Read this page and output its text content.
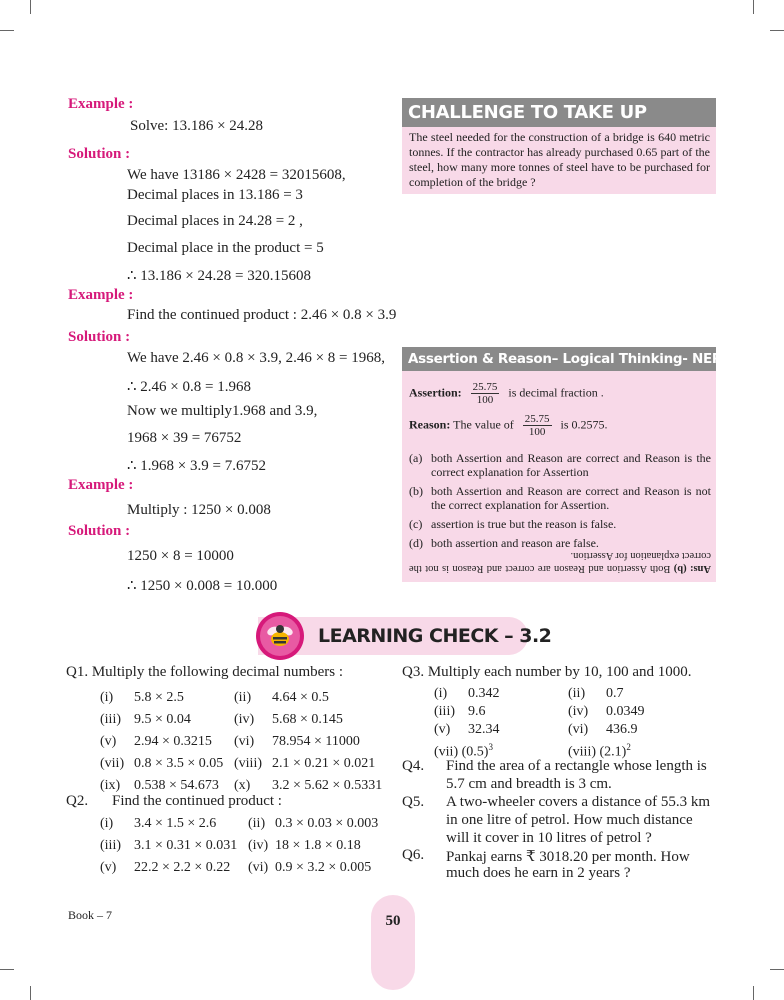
Example :
Solve: 13.186 × 24.28
Solution :
We have 13186 × 2428 = 32015608,
Decimal places in 13.186 = 3
Decimal places in 24.28 = 2 ,
Decimal place in the product = 5
∴ 13.186 × 24.28 = 320.15608
Example :
Find the continued product : 2.46 × 0.8 × 3.9
Solution :
We have 2.46 × 0.8 × 3.9, 2.46 × 8 = 1968,
∴ 2.46 × 0.8 = 1.968
Now we multiply1.968 and 3.9,
1968 × 39 = 76752
∴ 1.968 × 3.9 = 7.6752
Example :
Multiply : 1250 × 0.008
Solution :
1250 × 8 = 10000
∴ 1250 × 0.008 = 10.000
CHALLENGE TO TAKE UP
The steel needed for the construction of a bridge is 640 metric tonnes. If the contractor has already purchased 0.65 part of the steel, how many more tonnes of steel have to be purchased for completion of the bridge ?
Assertion & Reason– Logical Thinking- NEP 2020
Assertion: $\frac{25.75}{100}$ is decimal fraction .
Reason: The value of $\frac{25.75}{100}$ is 0.2575.
(a) both Assertion and Reason are correct and Reason is the correct explanation for Assertion
(b) both Assertion and Reason are correct and Reason is not the correct explanation for Assertion.
(c) assertion is true but the reason is false.
(d) both assertion and reason are false.
Ans: (b) Both Assertion and Reason are correct and Reason is not the correct explanation for Assertion.
LEARNING CHECK – 3.2
Q1. Multiply the following decimal numbers :
(i) 5.8 × 2.5	(ii) 4.64 × 0.5
(iii) 9.5 × 0.04	(iv) 5.68 × 0.145
(v) 2.94 × 0.3215 (vi) 78.954 × 11000
(vii) 0.8 × 3.5 × 0.05 (viii) 2.1 × 0.21 × 0.021
(ix) 0.538 × 54.673 (x) 3.2 × 5.62 × 0.5331
Q2. Find the continued product :
(i) 3.4 × 1.5 × 2.6 (ii) 0.3 × 0.03 × 0.003
(iii) 3.1 × 0.31 × 0.031 (iv) 18 × 1.8 × 0.18
(v) 22.2 × 2.2 × 0.22 (vi) 0.9 × 3.2 × 0.005
Q3. Multiply each number by 10, 100 and 1000.
(i) 0.342	(ii) 0.7
(iii) 9.6	(iv) 0.0349
(v) 32.34	(vi) 436.9
(vii) $(0.5)^3$	(viii) $(2.1)^2$
Q4. Find the area of a rectangle whose length is
5.7 cm and breadth is 3 cm.
Q5. A two-wheeler covers a distance of 55.3 km
in one litre of petrol. How much distance
will it cover in 10 litres of petrol ?
Q6. Pankaj earns ₹ 3018.20 per month. How
much does he earn in 2 years ?
Book – 7	50
